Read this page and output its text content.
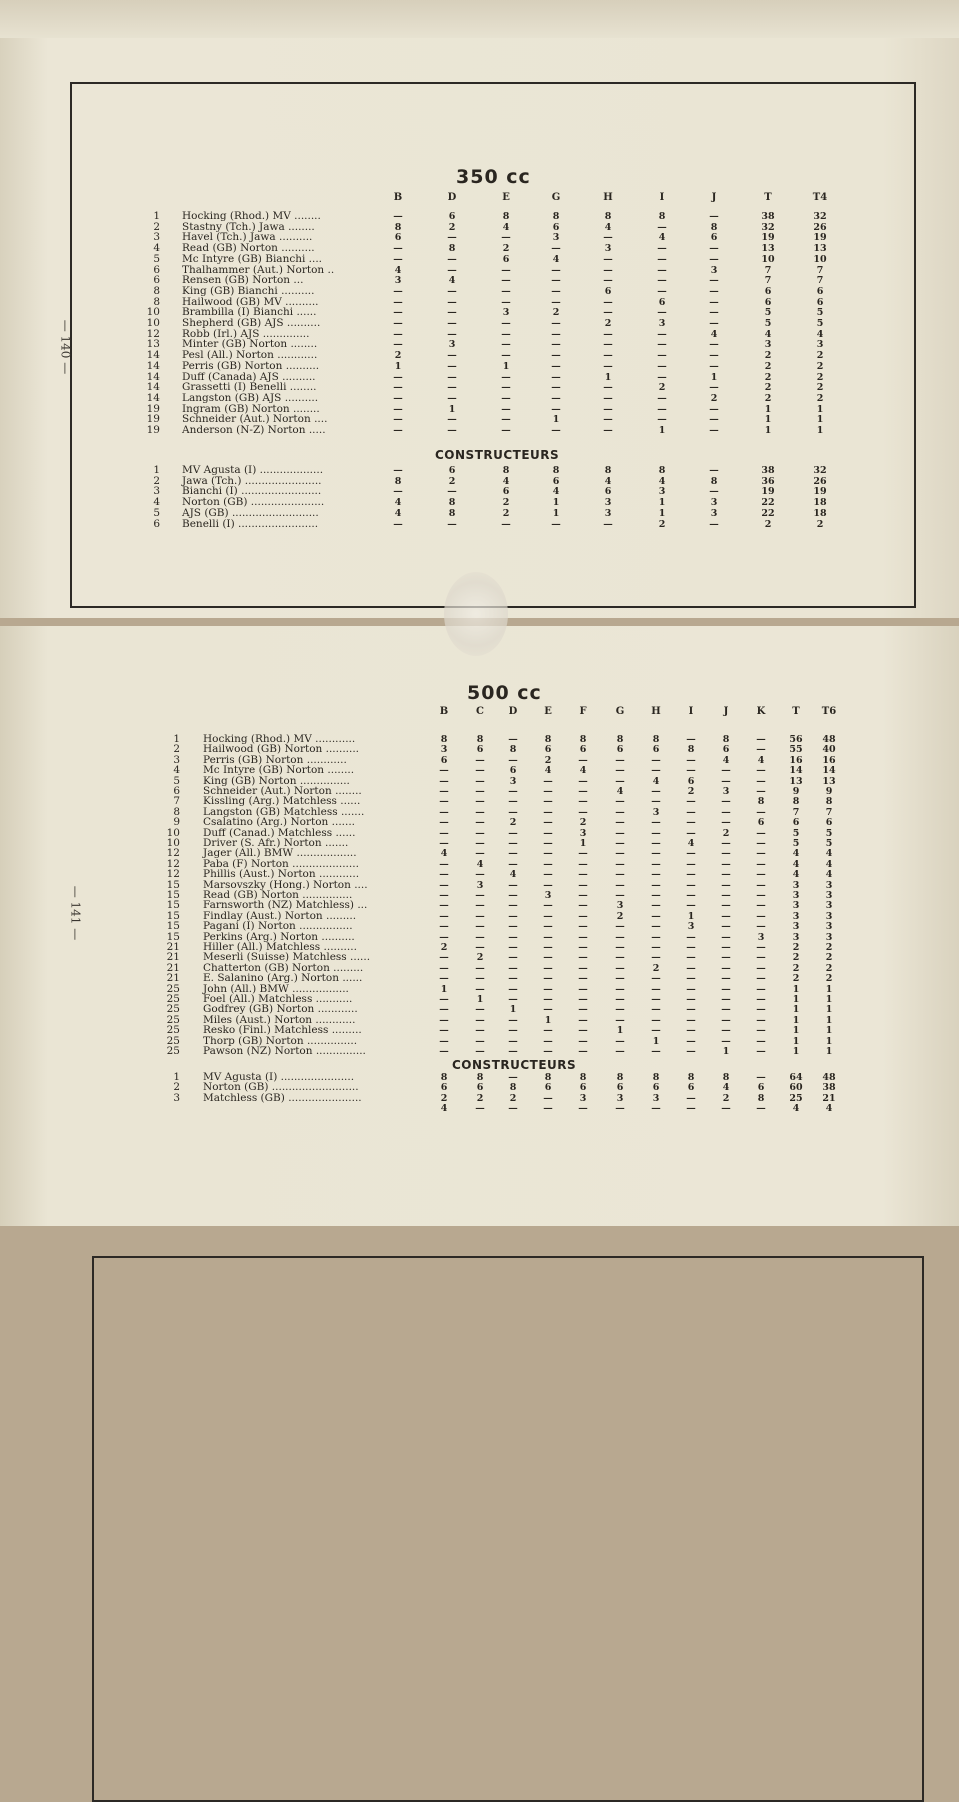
— 140 —
350 cc
CONSTRUCTEURS
B	D	E	G	H	I	J	T	T4
1 Hocking (Rhod.) MV ........	—	6	8	8	8	8	—	38	32
2 Stastny (Tch.) Jawa ........	8	2	4	6	4	—	8	32	26
3 Havel (Tch.) Jawa ..........	6	—	—	3	—	4	6	19	19
4 Read (GB) Norton ..........	—	8	2	—	3	—	—	13	13
5 Mc Intyre (GB) Bianchi ....	—	—	6	4	—	—	—	10	10
6 Thalhammer (Aut.) Norton ..	4	—	—	—	—	—	3	7	7
6 Rensen (GB) Norton ...	3	4	—	—	—	—	—	7	7
8 King (GB) Bianchi ..........	—	—	—	—	6	—	—	6	6
8 Hailwood (GB) MV ..........	—	—	—	—	—	6	—	6	6
10 Brambilla (I) Bianchi ......	—	—	3	2	—	—	—	5	5
10 Shepherd (GB) AJS ..........	—	—	—	—	2	3	—	5	5
12 Robb (Irl.) AJS ..............	—	—	—	—	—	—	4	4	4
13 Minter (GB) Norton ........	—	3	—	—	—	—	—	3	3
14 Pesl (All.) Norton ............	2	—	—	—	—	—	—	2	2
14 Perris (GB) Norton ..........	1	—	1	—	—	—	—	2	2
14 Duff (Canada) AJS ..........	—	—	—	—	1	—	1	2	2
14 Grassetti (I) Benelli ........	—	—	—	—	—	2	—	2	2
14 Langston (GB) AJS ..........	—	—	—	—	—	—	2	2	2
19 Ingram (GB) Norton ........	—	1	—	—	—	—	—	1	1
19 Schneider (Aut.) Norton ....	—	—	—	1	—	—	—	1	1
19 Anderson (N-Z) Norton .....	—	—	—	—	—	1	—	1	1
1 MV Agusta (I) ...................	—	6	8	8	8	8	—	38	32
2 Jawa (Tch.) .......................	8	2	4	6	4	4	8	36	26
3 Bianchi (I) ........................	—	—	6	4	6	3	—	19	19
4 Norton (GB) ......................	4	8	2	1	3	1	3	22	18
5 AJS (GB) ..........................	4	8	2	1	3	1	3	22	18
6 Benelli (I) ........................	—	—	—	—	—	2	—	2	2
— 141 —
500 cc
CONSTRUCTEURS
B	C	D	E	F	G	H	I	J	K	T	T6
1 Hocking (Rhod.) MV ............	8	8	—	8	8	8	8	—	8	—	56	48
2 Hailwood (GB) Norton ..........	3	6	8	6	6	6	6	8	6	—	55	40
3 Perris (GB) Norton ............	6	—	—	2	—	—	—	—	4	4	16	16
4 Mc Intyre (GB) Norton ........	—	—	6	4	4	—	—	—	—	—	14	14
5 King (GB) Norton ...............	—	—	3	—	—	—	4	6	—	—	13	13
6 Schneider (Aut.) Norton ........	—	—	—	—	—	4	—	2	3	—	9	9
7 Kissling (Arg.) Matchless ......	—	—	—	—	—	—	—	—	—	8	8	8
8 Langston (GB) Matchless .......	—	—	—	—	—	—	3	—	—	—	7	7
9 Csalatino (Arg.) Norton .......	—	—	2	—	2	—	—	—	—	6	6	6
10 Duff (Canad.) Matchless ......	—	—	—	—	3	—	—	—	2	—	5	5
10 Driver (S. Afr.) Norton .......	—	—	—	—	1	—	—	4	—	—	5	5
12 Jager (All.) BMW ..................	4	—	—	—	—	—	—	—	—	—	4	4
12 Paba (F) Norton ....................	—	4	—	—	—	—	—	—	—	—	4	4
12 Phillis (Aust.) Norton ............	—	—	4	—	—	—	—	—	—	—	4	4
15 Marsovszky (Hong.) Norton ....	—	3	—	—	—	—	—	—	—	—	3	3
15 Read (GB) Norton ...............	—	—	—	3	—	—	—	—	—	—	3	3
15 Farnsworth (NZ) Matchless) ...	—	—	—	—	—	3	—	—	—	—	3	3
15 Findlay (Aust.) Norton .........	—	—	—	—	—	2	—	1	—	—	3	3
15 Pagani (I) Norton ................	—	—	—	—	—	—	—	3	—	—	3	3
15 Perkins (Arg.) Norton ..........	—	—	—	—	—	—	—	—	—	3	3	3
21 Hiller (All.) Matchless ..........	2	—	—	—	—	—	—	—	—	—	2	2
21 Meserli (Suisse) Matchless ......	—	2	—	—	—	—	—	—	—	—	2	2
21 Chatterton (GB) Norton .........	—	—	—	—	—	—	2	—	—	—	2	2
21 E. Salanino (Arg.) Norton ......	—	—	—	—	—	—	—	—	—	—	2	2
25 John (All.) BMW .................	1	—	—	—	—	—	—	—	—	—	1	1
25 Foel (All.) Matchless ...........	—	1	—	—	—	—	—	—	—	—	1	1
25 Godfrey (GB) Norton ............	—	—	1	—	—	—	—	—	—	—	1	1
25 Miles (Aust.) Norton ............	—	—	—	1	—	—	—	—	—	—	1	1
25 Resko (Finl.) Matchless .........	—	—	—	—	—	1	—	—	—	—	1	1
25 Thorp (GB) Norton ...............	—	—	—	—	—	—	1	—	—	—	1	1
25 Pawson (NZ) Norton ...............	—	—	—	—	—	—	—	—	1	—	1	1
1 MV Agusta (I) ......................	8	8	—	8	8	8	8	8	8	—	64	48
2 Norton (GB) ..........................	6	6	8	6	6	6	6	6	4	6	60	38
3 Matchless (GB) ......................	2	2	2	—	3	3	3	—	2	8	25	21
4	—	—	—	—	—	—	—	—	—	4	4
